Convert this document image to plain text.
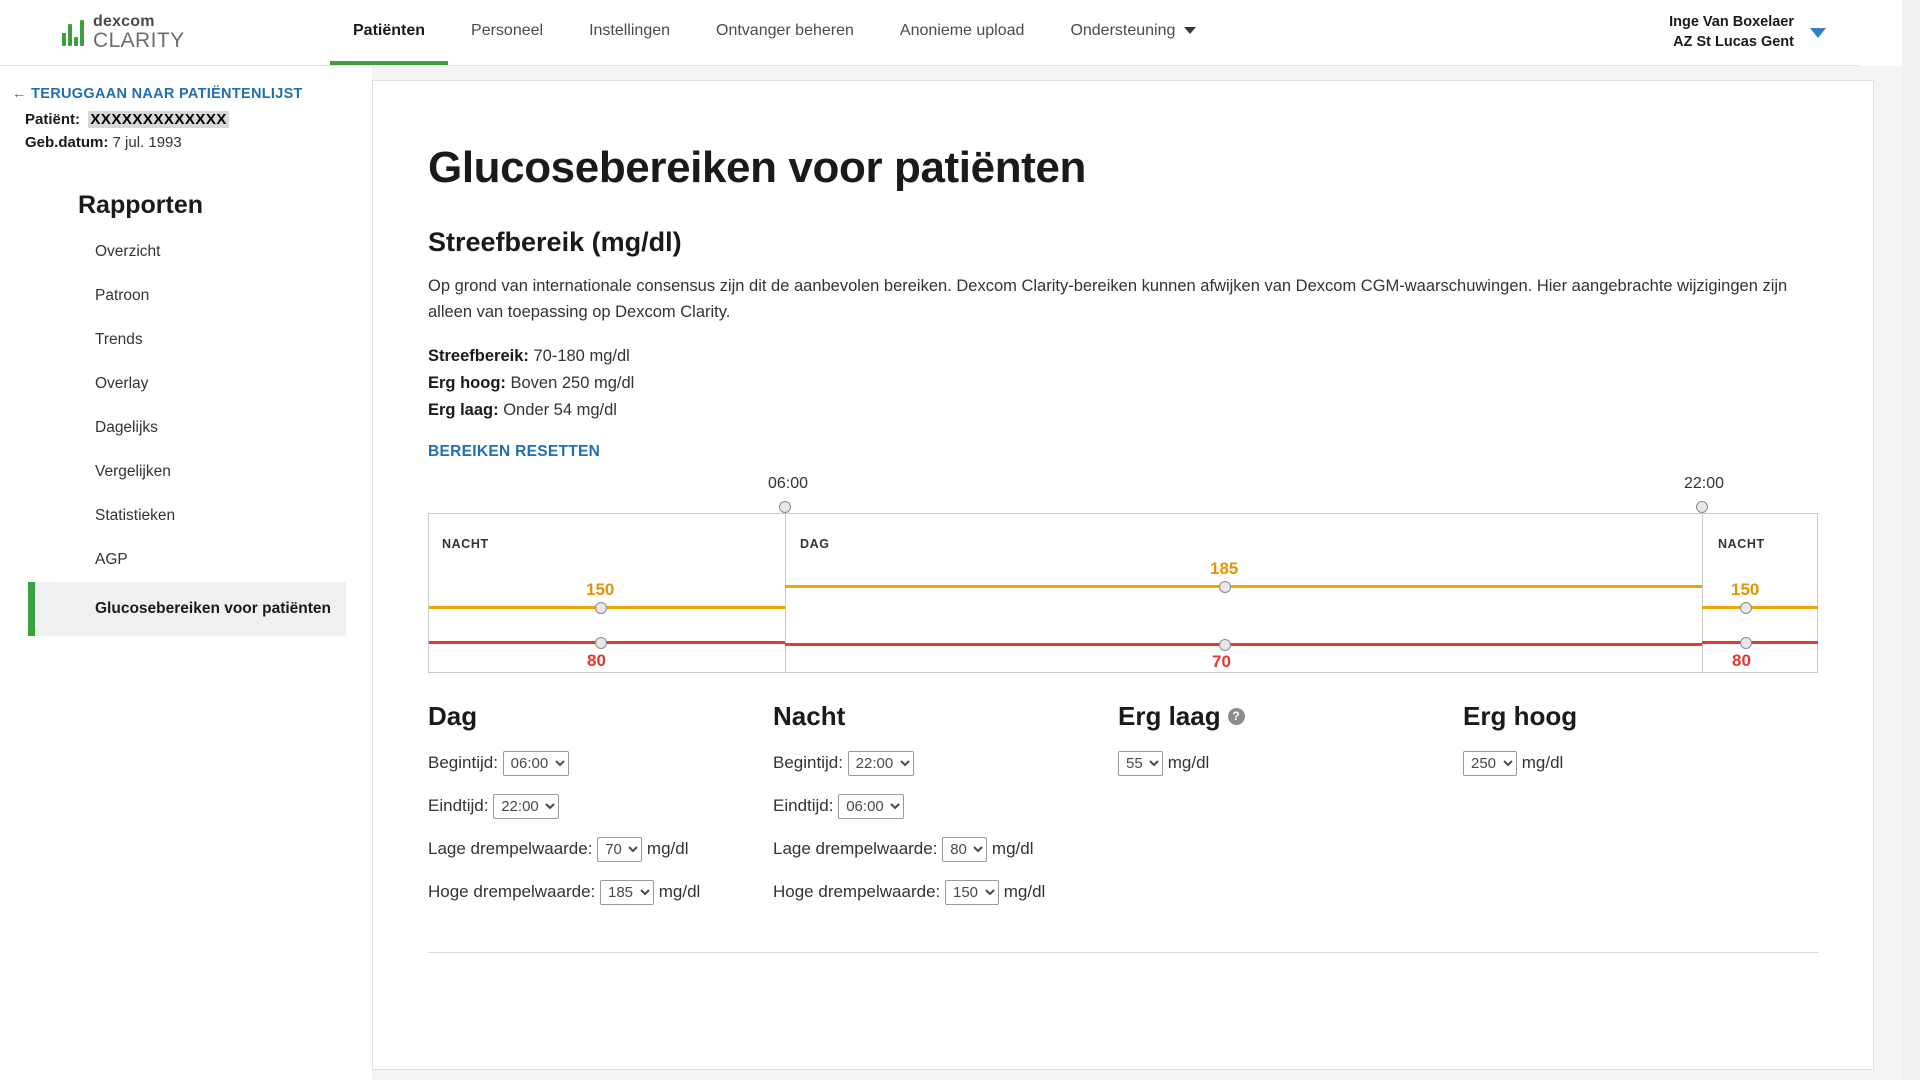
dexcom
CLARITY	Patiënten	Personeel	Instellingen	Ontvanger beheren	Anonieme upload	Ondersteuning	Inge Van Boxelaer
AZ St Lucas Gent
← TERUGGAAN NAAR PATIËNTENLIJST
Patiënt: XXXXXXXXXXXXX
Geb.datum: 7 jul. 1993
Rapporten
Overzicht
Patroon
Trends
Overlay
Dagelijks
Vergelijken
Statistieken
AGP
Glucosebereiken voor patiënten
Glucosebereiken voor patiënten
Streefbereik (mg/dl)

Op grond van internationale consensus zijn dit de aanbevolen bereiken. Dexcom Clarity-bereiken kunnen afwijken van Dexcom CGM-waarschuwingen. Hier aangebrachte wijzigingen zijn alleen van toepassing op Dexcom Clarity.

Streefbereik: 70-180 mg/dl
Erg hoog: Boven 250 mg/dl
Erg laag: Onder 54 mg/dl
BEREIKEN RESETTEN
06:00	22:00
NACHT	DAG	NACHT
150
80
185
70
150
80
Dag
Begintijd:
06:00
Eindtijd:
22:00
Lage drempelwaarde:
70	mg/dl
Hoge drempelwaarde:
185	mg/dl
Nacht
Begintijd:
22:00
Eindtijd:
06:00
Lage drempelwaarde:
80	mg/dl
Hoge drempelwaarde:
150	mg/dl
Erg laag ?
55 mg/dl
Erg hoog
250 mg/dl
